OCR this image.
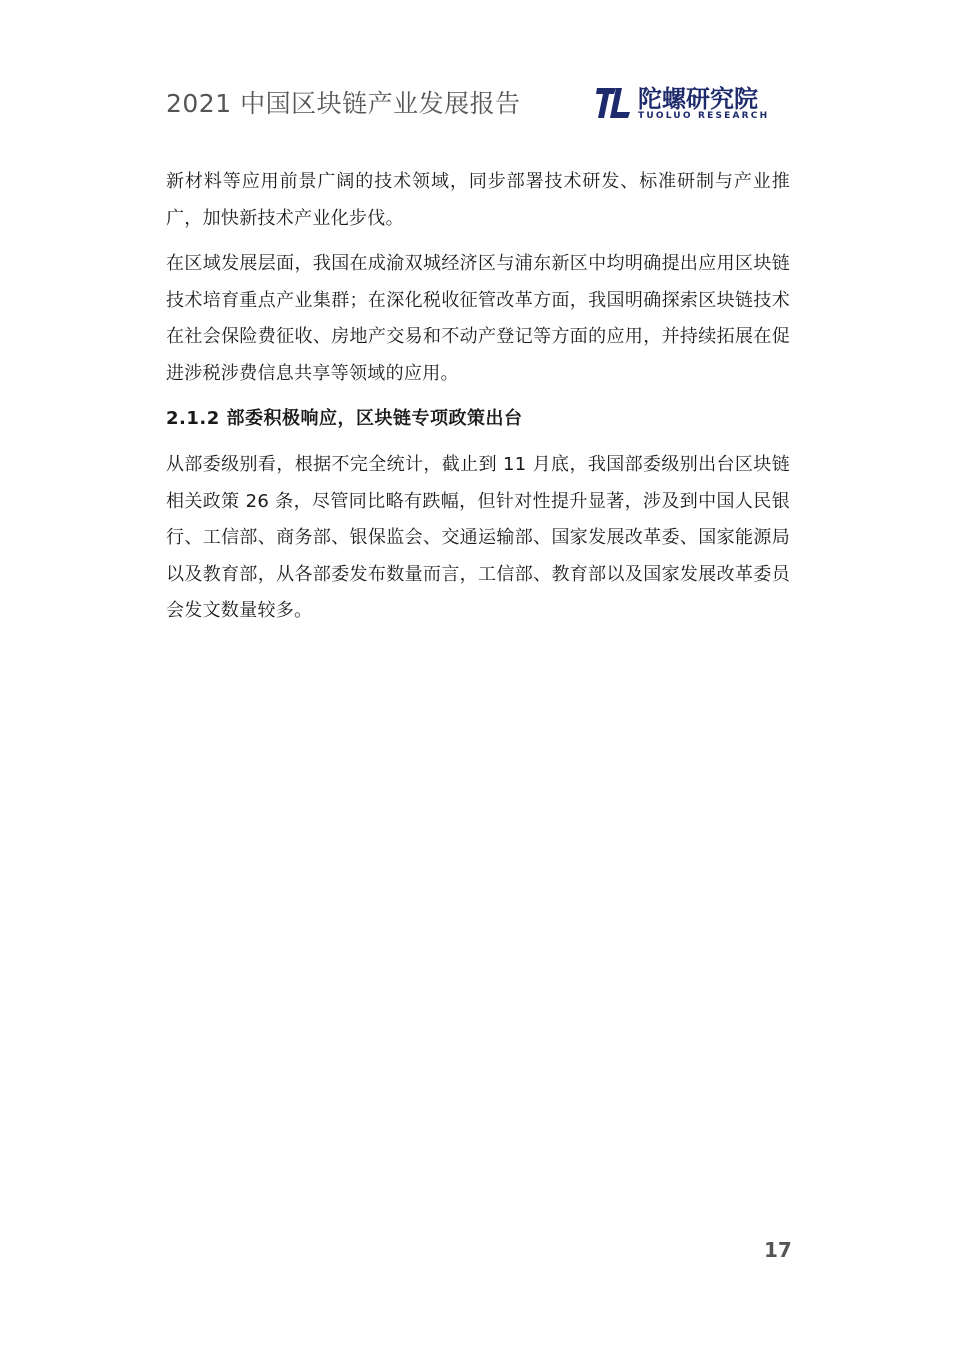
2021 中国区块链产业发展报告	陀螺研究院
TUOLUO RESEARCH

新材料等应用前景广阔的技术领域，同步部署技术研发、标准研制与产业推广，加快新技术产业化步伐。

在区域发展层面，我国在成渝双城经济区与浦东新区中均明确提出应用区块链技术培育重点产业集群；在深化税收征管改革方面，我国明确探索区块链技术在社会保险费征收、房地产交易和不动产登记等方面的应用，并持续拓展在促进涉税涉费信息共享等领域的应用。

2.1.2 部委积极响应，区块链专项政策出台

从部委级别看，根据不完全统计，截止到 11 月底，我国部委级别出台区块链相关政策 26 条，尽管同比略有跌幅，但针对性提升显著，涉及到中国人民银行、工信部、商务部、银保监会、交通运输部、国家发展改革委、国家能源局以及教育部，从各部委发布数量而言，工信部、教育部以及国家发展改革委员会发文数量较多。

17
